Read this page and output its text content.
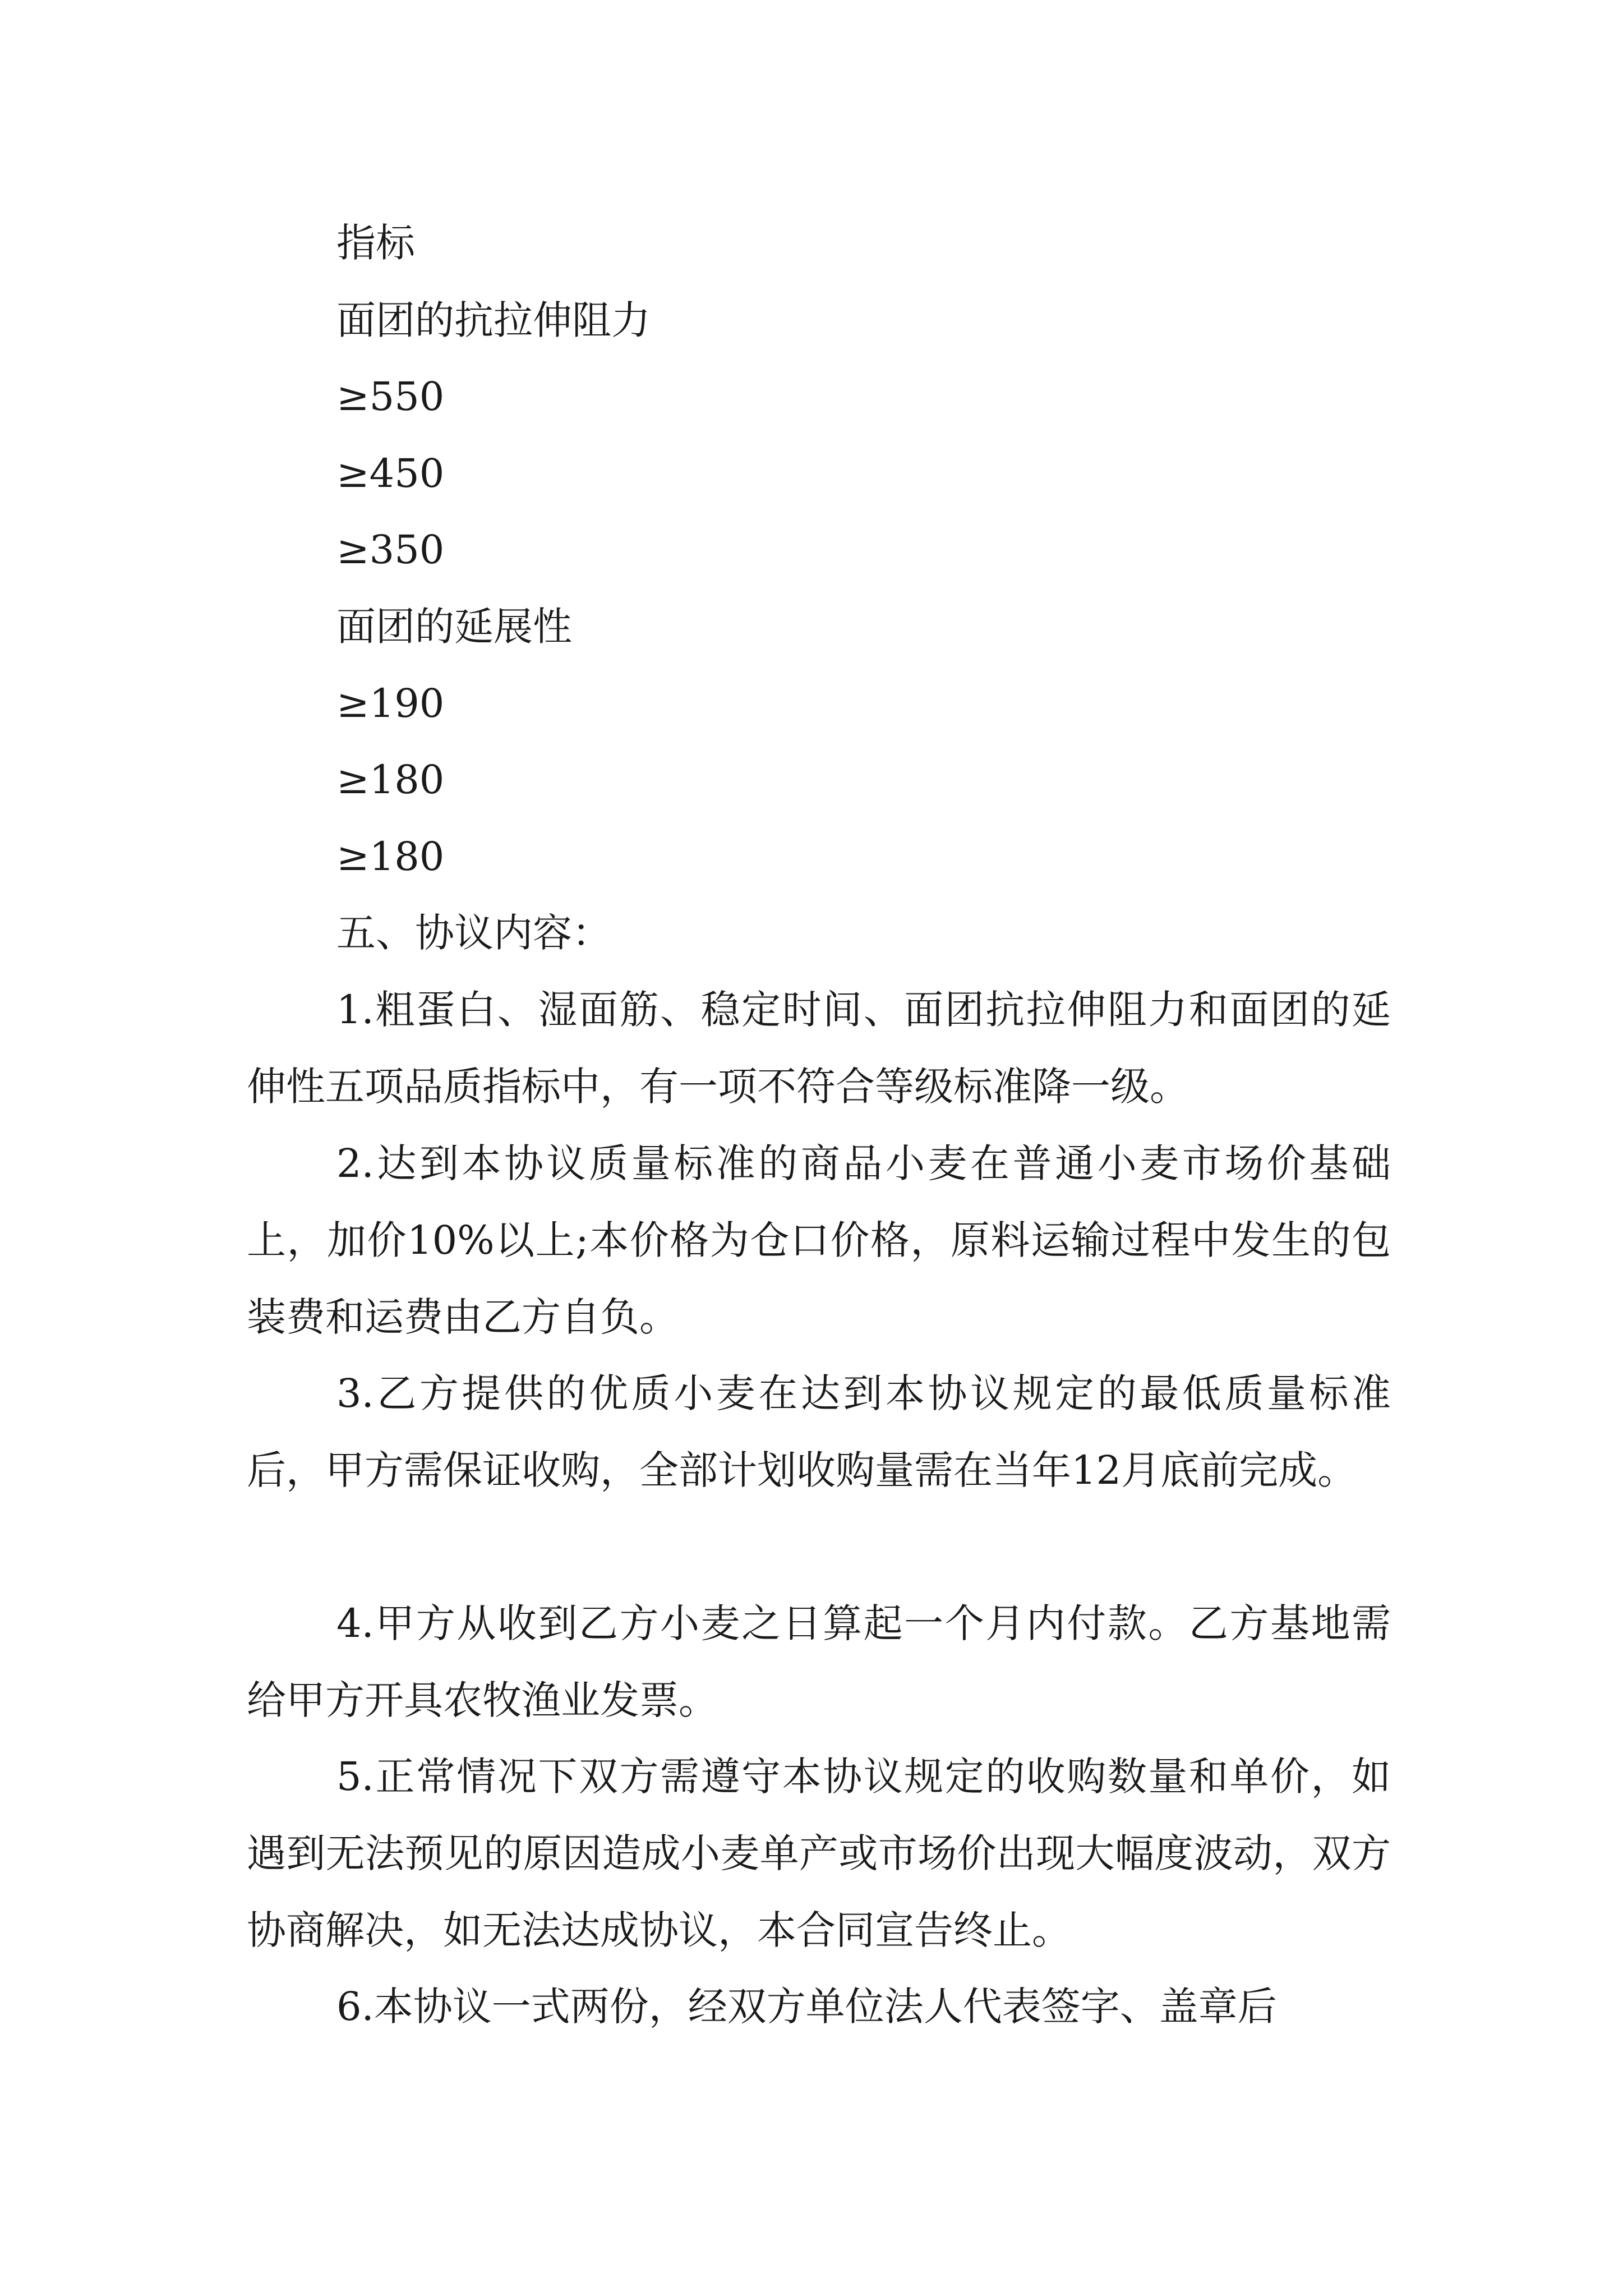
指标

面团的抗拉伸阻力

≥550

≥450

≥350

面团的延展性

≥190

≥180

≥180

五、协议内容：

1.粗蛋白、湿面筋、稳定时间、面团抗拉伸阻力和面团的延伸性五项品质指标中，有一项不符合等级标准降一级。

2.达到本协议质量标准的商品小麦在普通小麦市场价基础上，加价10%以上;本价格为仓口价格，原料运输过程中发生的包装费和运费由乙方自负。

3.乙方提供的优质小麦在达到本协议规定的最低质量标准后，甲方需保证收购，全部计划收购量需在当年12月底前完成。

4.甲方从收到乙方小麦之日算起一个月内付款。乙方基地需给甲方开具农牧渔业发票。

5.正常情况下双方需遵守本协议规定的收购数量和单价，如遇到无法预见的原因造成小麦单产或市场价出现大幅度波动，双方协商解决，如无法达成协议，本合同宣告终止。

6.本协议一式两份，经双方单位法人代表签字、盖章后
